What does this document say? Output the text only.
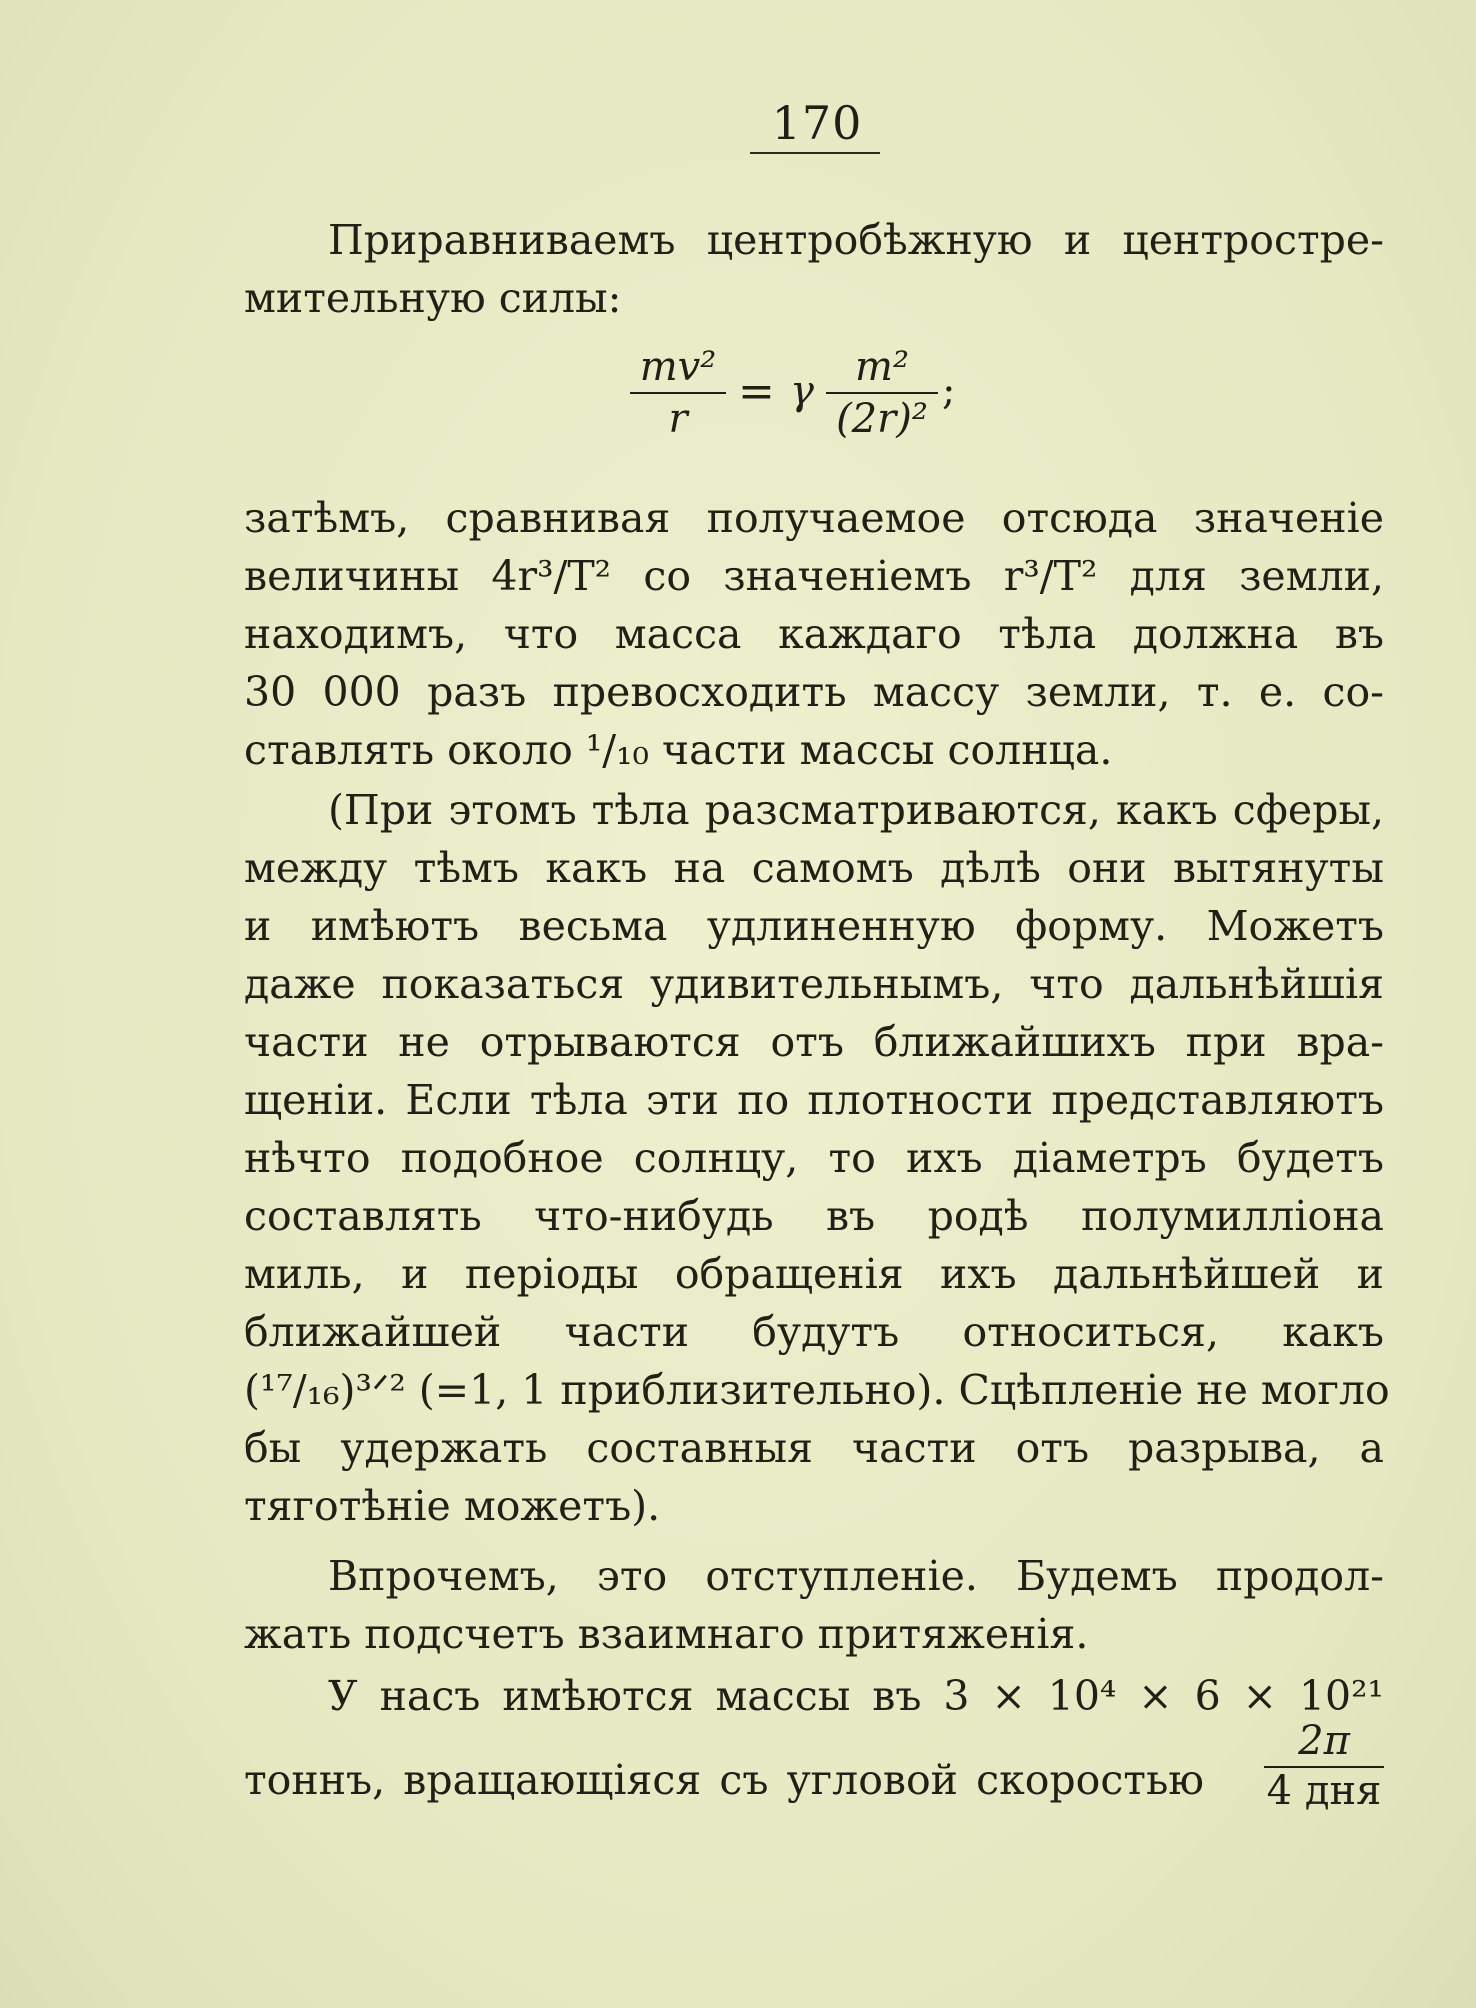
170
Приравниваемъ центробѣжную и центростре-
мительную силы:
$\frac{\text{mv²}}{r} = \gamma \frac{\text{m²}}{\text{(2r)²}}$ ;
затѣмъ, сравнивая получаемое отсюда значеніе
величины 4r³/T² со значеніемъ r³/T² для земли,
находимъ, что масса каждаго тѣла должна въ
30 000 разъ превосходить массу земли, т. е. со-
ставлять около ¹/₁₀ части массы солнца.
(При этомъ тѣла разсматриваются, какъ сферы,
между тѣмъ какъ на самомъ дѣлѣ они вытянуты
и имѣютъ весьма удлиненную форму. Можетъ
даже показаться удивительнымъ, что дальнѣйшія
части не отрываются отъ ближайшихъ при вра-
щеніи. Если тѣла эти по плотности представляютъ
нѣчто подобное солнцу, то ихъ діаметръ будетъ
составлять что-нибудь въ родѣ полумилліона
миль, и періоды обращенія ихъ дальнѣйшей и
ближайшей части будутъ относиться, какъ
(¹⁷/₁₆)³ᐟ² (=1, 1 приблизительно). Сцѣпленіе не могло
бы удержать составныя части отъ разрыва, а
тяготѣніе можетъ).
Впрочемъ, это отступленіе. Будемъ продол-
жать подсчетъ взаимнаго притяженія.
У насъ имѣются массы въ 3 × 10⁴ × 6 × 10²¹
тоннъ, вращающіяся съ угловой скоростью
2π
4 дня
